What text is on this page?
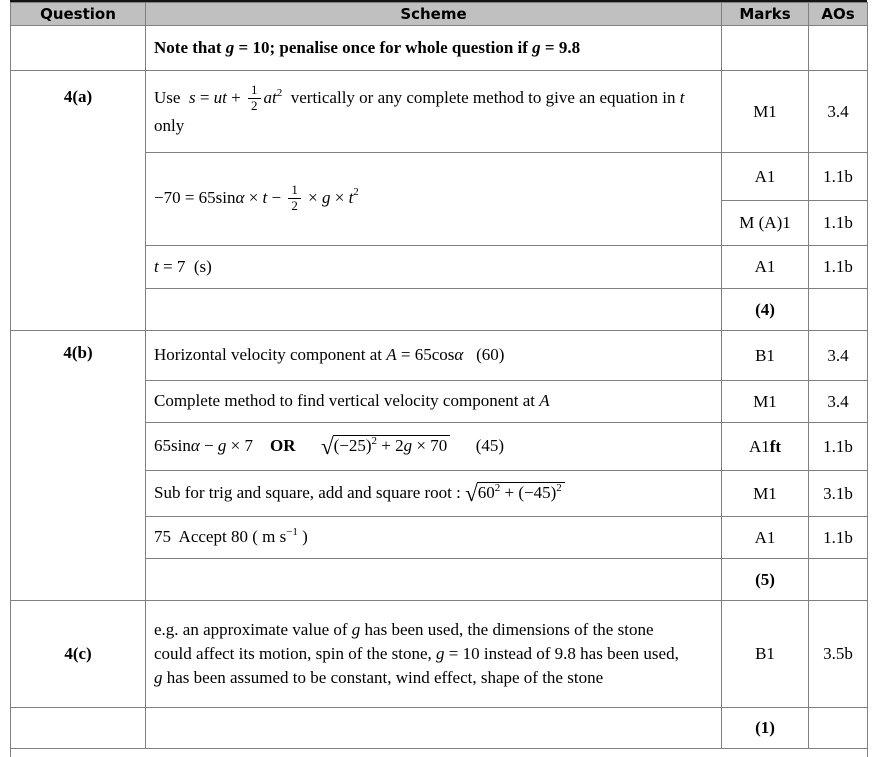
Question	Scheme	Marks	AOs
	Note that g = 10; penalise once for whole question if g = 9.8		
4(a)	Use  s = ut + $\frac{1}{2} at^2$  vertically or any complete method to give an equation in t only	M1	3.4
	$-70 = 65\sin\alpha \times t - \frac{1}{2} \times g \times t^2$	A1	1.1b
		M (A)1	1.1b
	t = 7  (s)	A1	1.1b
		(4)	
4(b)	Horizontal velocity component at A = 65cosα   (60)	B1	3.4
	Complete method to find vertical velocity component at A	M1	3.4
	65sinα − g × 7    OR $√(-25)^2 + 2g \times 70$      (45)	A1ft	1.1b
	Sub for trig and square, add and square root : $√60^2 + (-45)^2$	M1	3.1b
	75  Accept 80 ( m $s^{-1}$ )	A1	1.1b
		(5)	
4(c)	e.g. an approximate value of g has been used, the dimensions of the stone could affect its motion, spin of the stone, g = 10 instead of 9.8 has been used, g has been assumed to be constant, wind effect, shape of the stone	B1	3.5b
		(1)	
